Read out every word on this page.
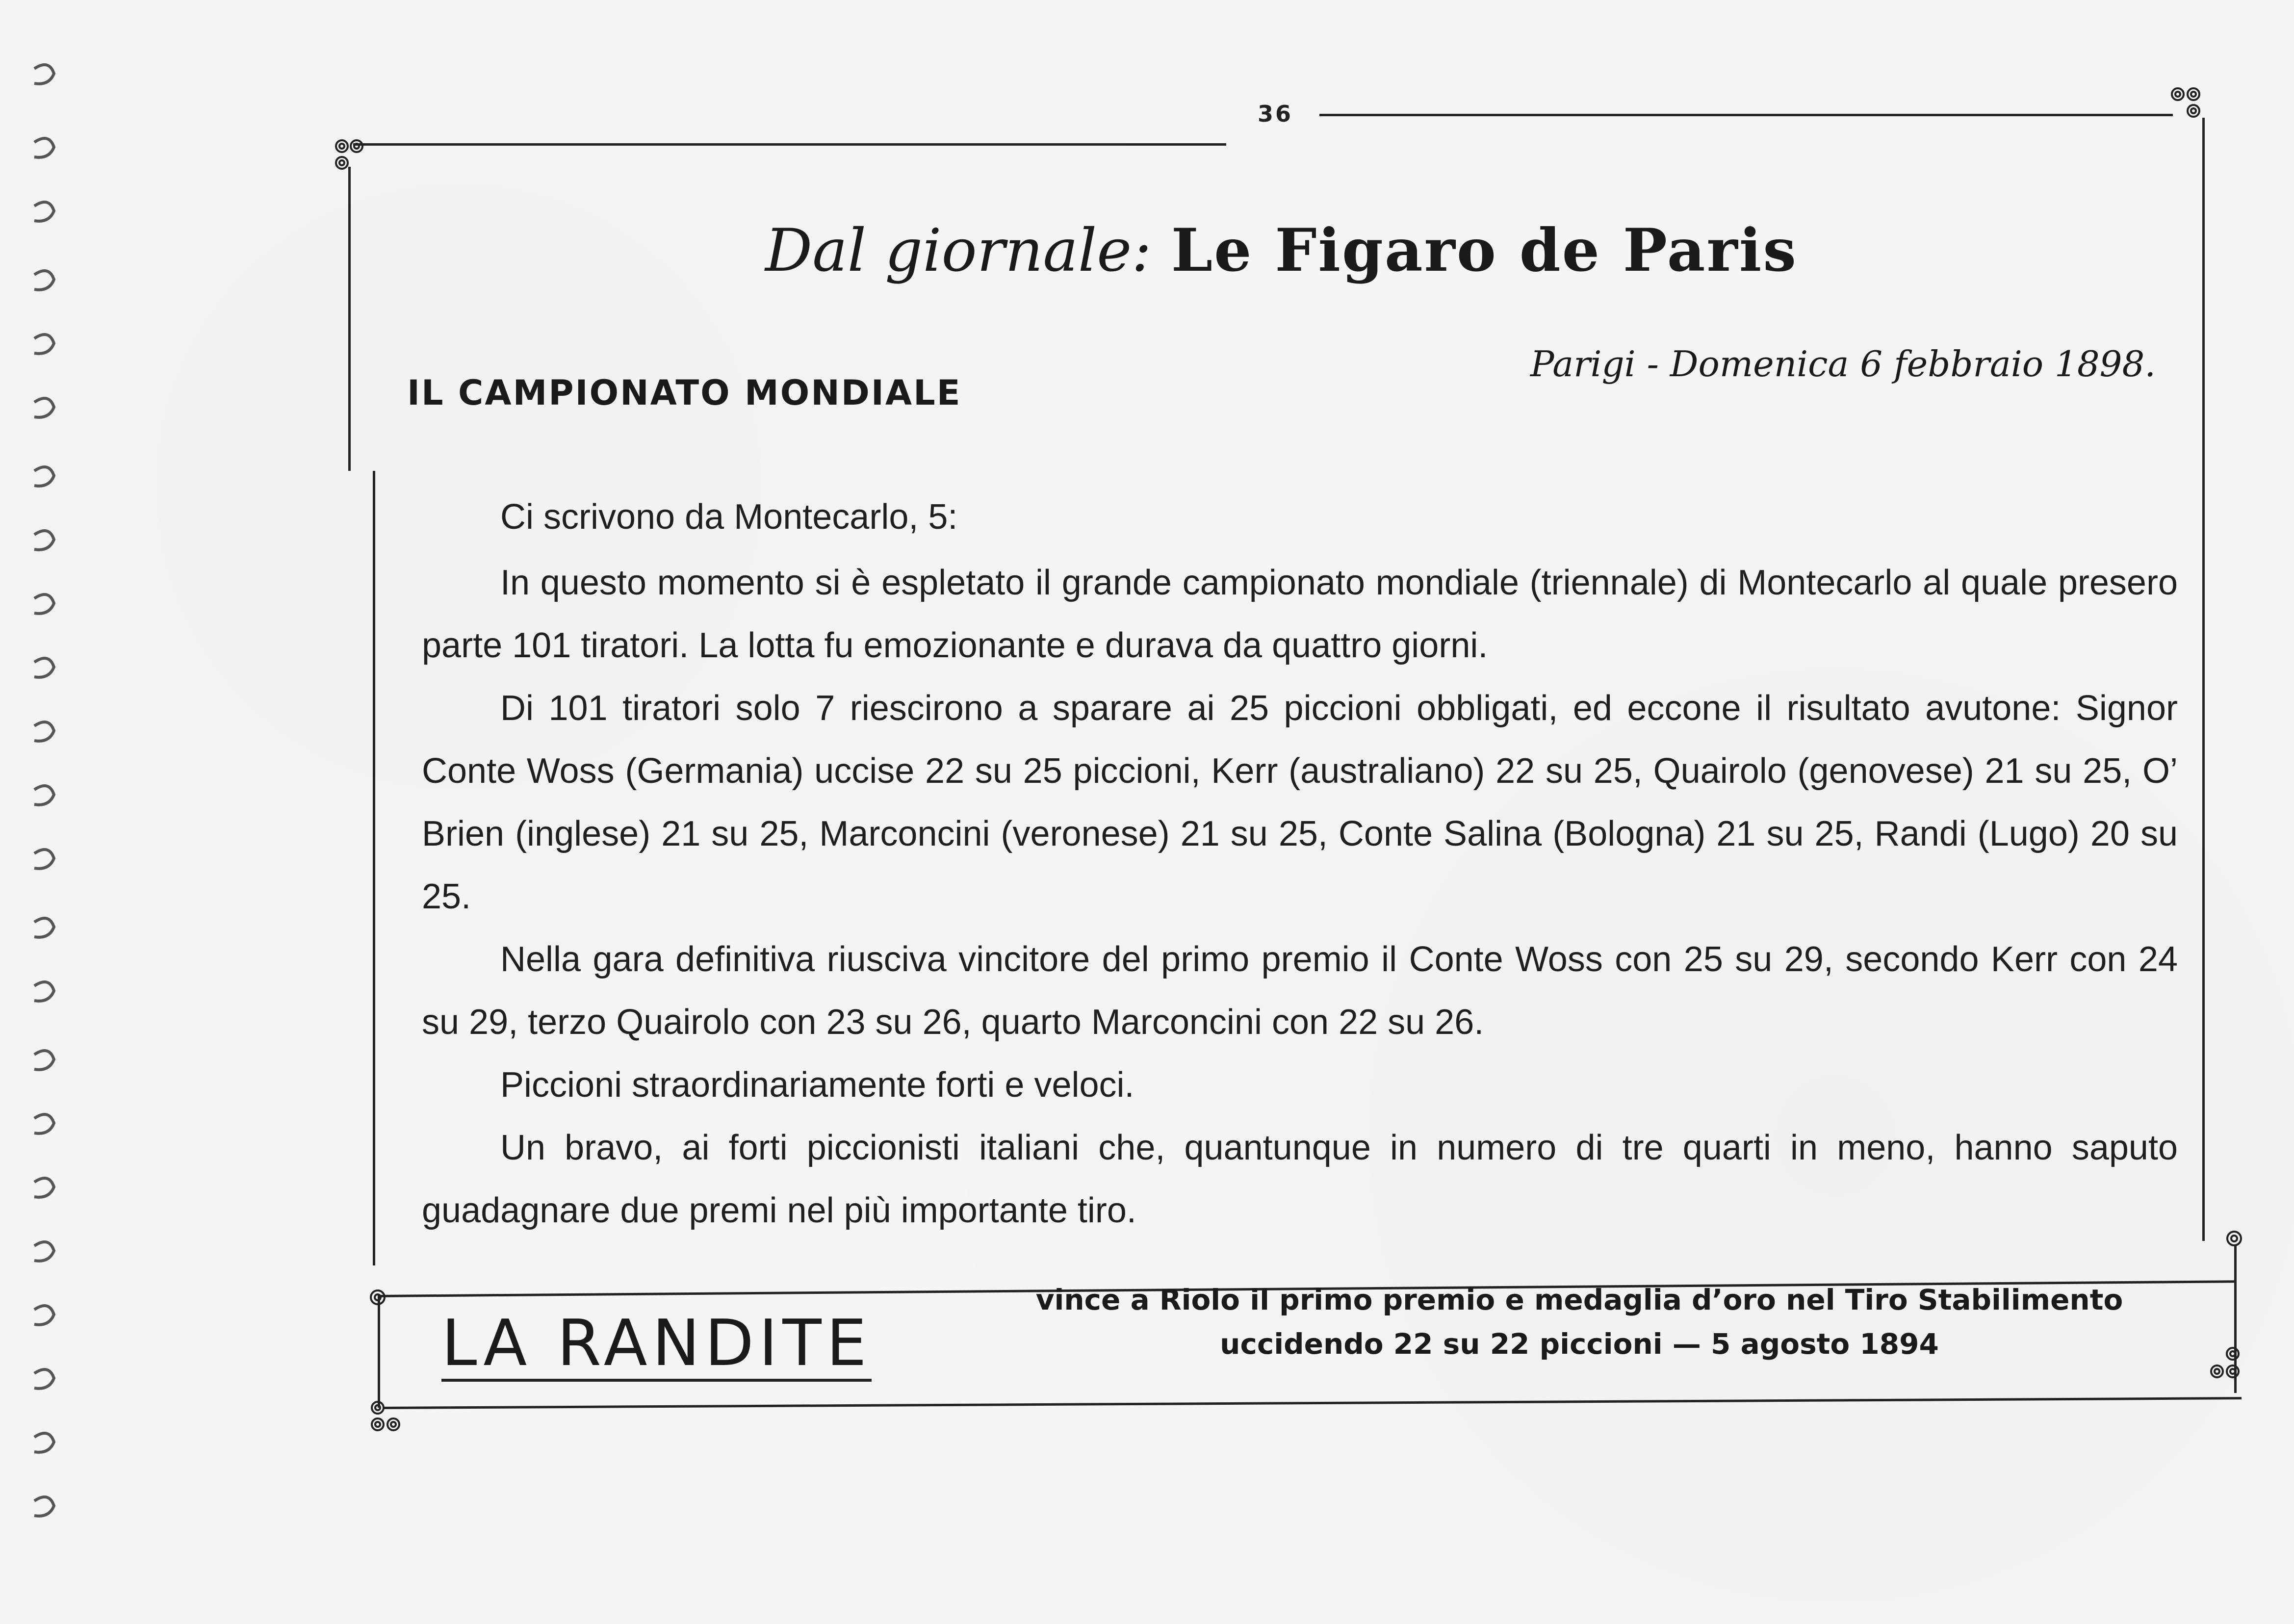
36
Dal giornale: Le Figaro de Paris
Parigi - Domenica 6 febbraio 1898.
IL CAMPIONATO MONDIALE

Ci scrivono da Montecarlo, 5:

In questo momento si è espletato il grande campionato mondiale (triennale) di Montecarlo al quale presero parte 101 tiratori. La lotta fu emozionante e durava da quattro giorni.

Di 101 tiratori solo 7 riescirono a sparare ai 25 piccioni obbligati, ed eccone il risultato avutone: Signor Conte Woss (Germania) uccise 22 su 25 piccioni, Kerr (australiano) 22 su 25, Quairolo (genovese) 21 su 25, O’ Brien (inglese) 21 su 25, Marconcini (veronese) 21 su 25, Conte Salina (Bologna) 21 su 25, Randi (Lugo) 20 su 25.

Nella gara definitiva riusciva vincitore del primo premio il Conte Woss con 25 su 29, secondo Kerr con 24 su 29, terzo Quairolo con 23 su 26, quarto Marconcini con 22 su 26.

Piccioni straordinariamente forti e veloci.

Un bravo, ai forti piccionisti italiani che, quantunque in numero di tre quarti in meno, hanno saputo guadagnare due premi nel più importante tiro.

LA RANDITE
vince a Riolo il primo premio e medaglia d’oro nel Tiro Stabilimento
uccidendo 22 su 22 piccioni — 5 agosto 1894
